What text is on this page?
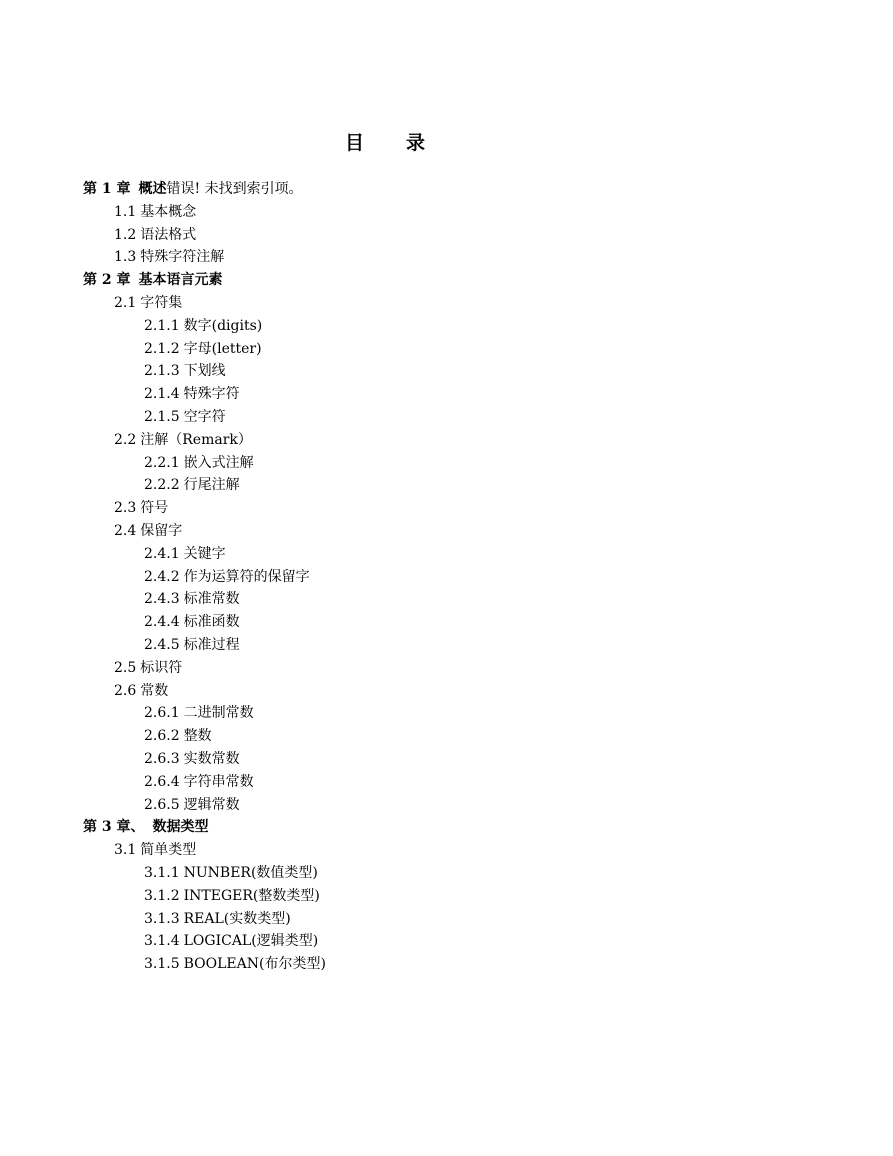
目 录
第 1 章 概述错误! 未找到索引项。
1.1 基本概念
1.2 语法格式
1.3 特殊字符注解
第 2 章 基本语言元素
2.1 字符集
2.1.1 数字(digits)
2.1.2 字母(letter)
2.1.3 下划线
2.1.4 特殊字符
2.1.5 空字符
2.2 注解（Remark）
2.2.1 嵌入式注解
2.2.2 行尾注解
2.3 符号
2.4 保留字
2.4.1 关键字
2.4.2 作为运算符的保留字
2.4.3 标准常数
2.4.4 标准函数
2.4.5 标准过程
2.5 标识符
2.6 常数
2.6.1 二进制常数
2.6.2 整数
2.6.3 实数常数
2.6.4 字符串常数
2.6.5 逻辑常数
第 3 章、 数据类型
3.1 简单类型
3.1.1 NUNBER(数值类型)
3.1.2 INTEGER(整数类型)
3.1.3 REAL(实数类型)
3.1.4 LOGICAL(逻辑类型)
3.1.5 BOOLEAN(布尔类型)
